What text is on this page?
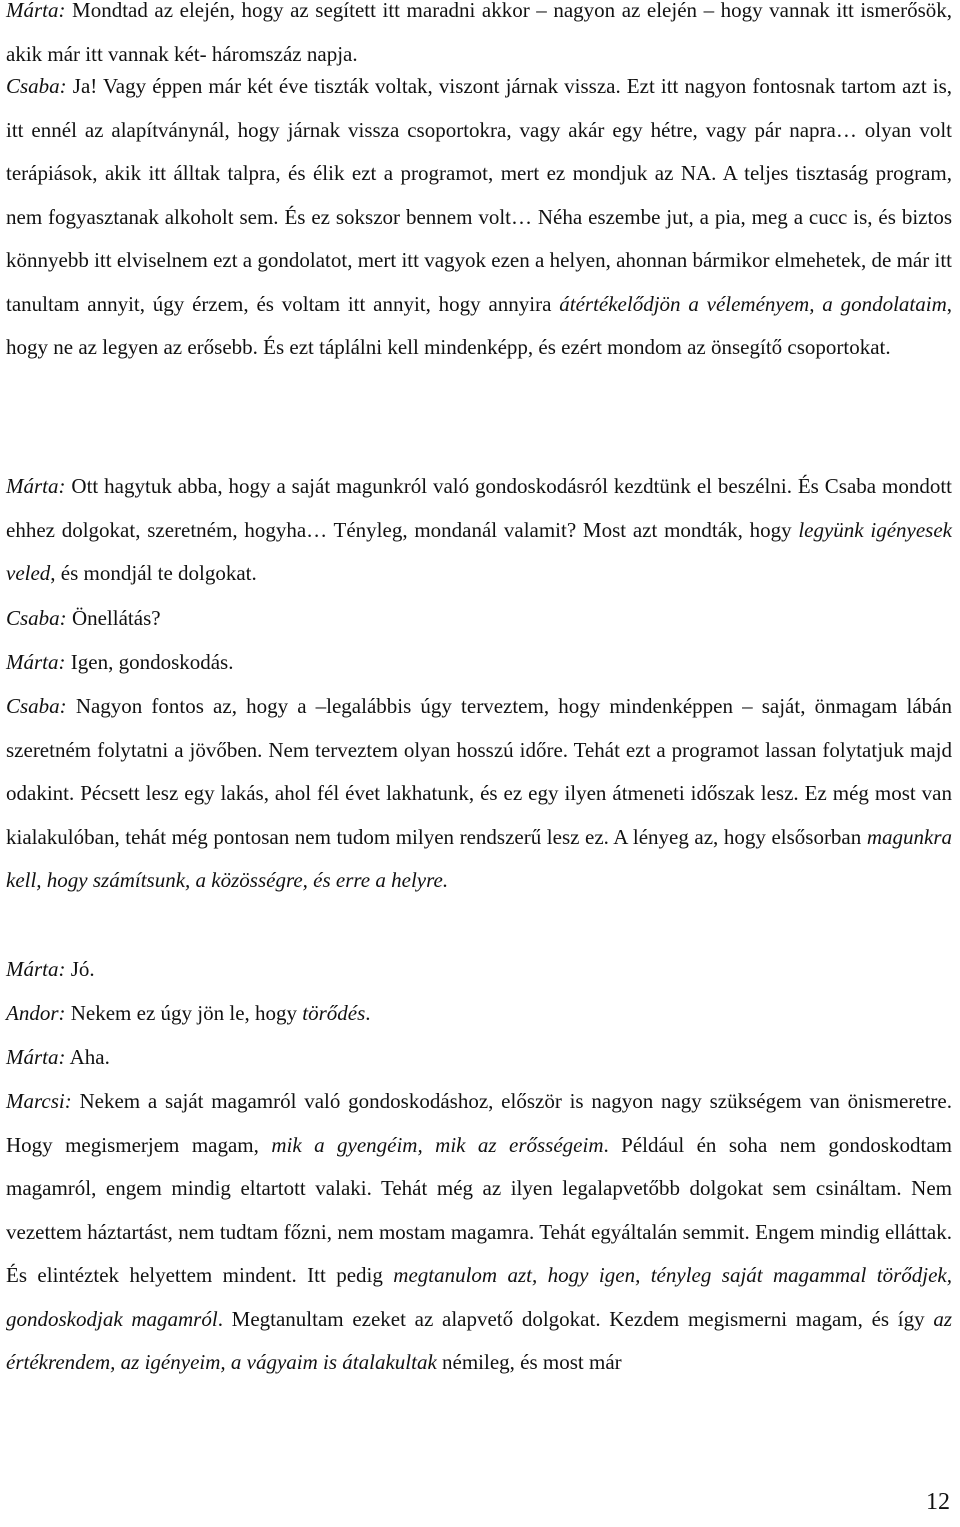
Márta: Mondtad az elején, hogy az segített itt maradni akkor – nagyon az elején – hogy vannak itt ismerősök, akik már itt vannak két- háromszáz napja.

Csaba: Ja! Vagy éppen már két éve tiszták voltak, viszont járnak vissza. Ezt itt nagyon fontosnak tartom azt is, itt ennél az alapítványnál, hogy járnak vissza csoportokra, vagy akár egy hétre, vagy pár napra… olyan volt terápiások, akik itt álltak talpra, és élik ezt a programot, mert ez mondjuk az NA. A teljes tisztaság program, nem fogyasztanak alkoholt sem. És ez sokszor bennem volt… Néha eszembe jut, a pia, meg a cucc is, és biztos könnyebb itt elviselnem ezt a gondolatot, mert itt vagyok ezen a helyen, ahonnan bármikor elmehetek, de már itt tanultam annyit, úgy érzem, és voltam itt annyit, hogy annyira átértékelődjön a véleményem, a gondolataim, hogy ne az legyen az erősebb. És ezt táplálni kell mindenképp, és ezért mondom az önsegítő csoportokat.

Márta: Ott hagytuk abba, hogy a saját magunkról való gondoskodásról kezdtünk el beszélni. És Csaba mondott ehhez dolgokat, szeretném, hogyha… Tényleg, mondanál valamit? Most azt mondták, hogy legyünk igényesek veled, és mondjál te dolgokat.

Csaba: Önellátás?

Márta: Igen, gondoskodás.

Csaba: Nagyon fontos az, hogy a –legalábbis úgy terveztem, hogy mindenképpen – saját, önmagam lábán szeretném folytatni a jövőben. Nem terveztem olyan hosszú időre. Tehát ezt a programot lassan folytatjuk majd odakint. Pécsett lesz egy lakás, ahol fél évet lakhatunk, és ez egy ilyen átmeneti időszak lesz. Ez még most van kialakulóban, tehát még pontosan nem tudom milyen rendszerű lesz ez. A lényeg az, hogy elsősorban magunkra kell, hogy számítsunk, a közösségre, és erre a helyre.

Márta: Jó.

Andor: Nekem ez úgy jön le, hogy törődés.

Márta: Aha.

Marcsi: Nekem a saját magamról való gondoskodáshoz, először is nagyon nagy szükségem van önismeretre. Hogy megismerjem magam, mik a gyengéim, mik az erősségeim. Például én soha nem gondoskodtam magamról, engem mindig eltartott valaki. Tehát még az ilyen legalapvetőbb dolgokat sem csináltam. Nem vezettem háztartást, nem tudtam főzni, nem mostam magamra. Tehát egyáltalán semmit. Engem mindig elláttak. És elintéztek helyettem mindent. Itt pedig megtanulom azt, hogy igen, tényleg saját magammal törődjek, gondoskodjak magamról. Megtanultam ezeket az alapvető dolgokat. Kezdem megismerni magam, és így az értékrendem, az igényeim, a vágyaim is átalakultak némileg, és most már

12
